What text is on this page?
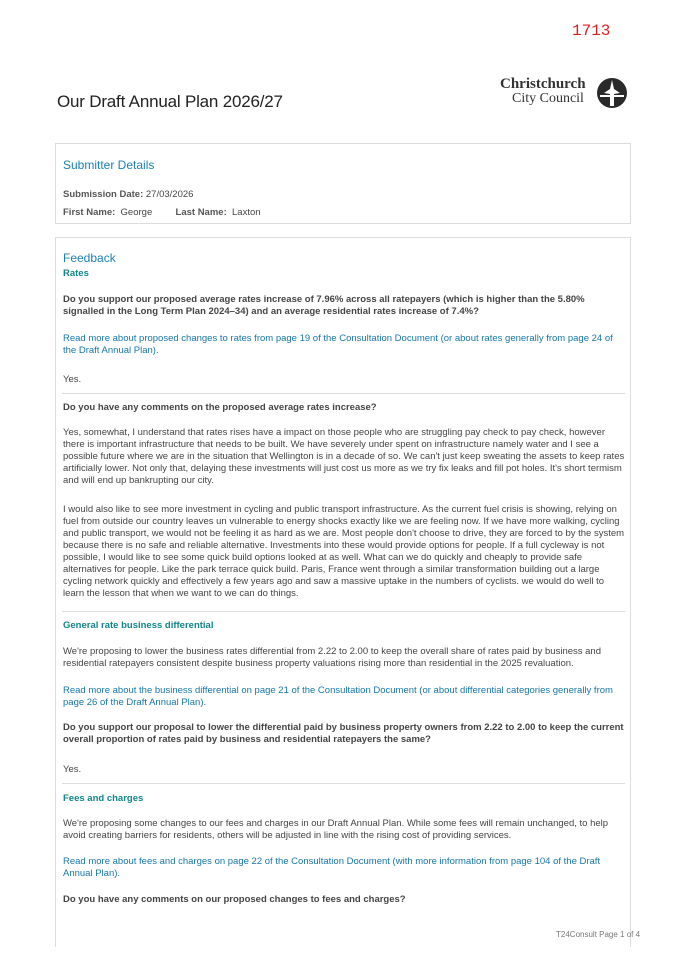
1713
Our Draft Annual Plan 2026/27
Christchurch
City Council
Submitter Details
Submission Date: 27/03/2026
First Name: George Last Name: Laxton
Feedback
Rates
Do you support our proposed average rates increase of 7.96% across all ratepayers (which is higher than the 5.80% signalled in the Long Term Plan 2024–34) and an average residential rates increase of 7.4%?
Read more about proposed changes to rates from page 19 of the Consultation Document (or about rates generally from page 24 of the Draft Annual Plan).
Yes.
Do you have any comments on the proposed average rates increase?
Yes, somewhat, I understand that rates rises have a impact on those people who are struggling pay check to pay check, however there is important infrastructure that needs to be built. We have severely under spent on infrastructure namely water and I see a possible future where we are in the situation that Wellington is in a decade of so. We can't just keep sweating the assets to keep rates artificially lower. Not only that, delaying these investments will just cost us more as we try fix leaks and fill pot holes. It's short termism and will end up bankrupting our city.
I would also like to see more investment in cycling and public transport infrastructure. As the current fuel crisis is showing, relying on fuel from outside our country leaves un vulnerable to energy shocks exactly like we are feeling now. If we have more walking, cycling and public transport, we would not be feeling it as hard as we are. Most people don't choose to drive, they are forced to by the system because there is no safe and reliable alternative. Investments into these would provide options for people. If a full cycleway is not possible, I would like to see some quick build options looked at as well. What can we do quickly and cheaply to provide safe alternatives for people. Like the park terrace quick build. Paris, France went through a similar transformation building out a large cycling network quickly and effectively a few years ago and saw a massive uptake in the numbers of cyclists. we would do well to learn the lesson that when we want to we can do things.
General rate business differential
We're proposing to lower the business rates differential from 2.22 to 2.00 to keep the overall share of rates paid by business and residential ratepayers consistent despite business property valuations rising more than residential in the 2025 revaluation.
Read more about the business differential on page 21 of the Consultation Document (or about differential categories generally from page 26 of the Draft Annual Plan).
Do you support our proposal to lower the differential paid by business property owners from 2.22 to 2.00 to keep the current overall proportion of rates paid by business and residential ratepayers the same?
Yes.
Fees and charges
We're proposing some changes to our fees and charges in our Draft Annual Plan. While some fees will remain unchanged, to help avoid creating barriers for residents, others will be adjusted in line with the rising cost of providing services.
Read more about fees and charges on page 22 of the Consultation Document (with more information from page 104 of the Draft Annual Plan).
Do you have any comments on our proposed changes to fees and charges?
T24Consult Page 1 of 4
